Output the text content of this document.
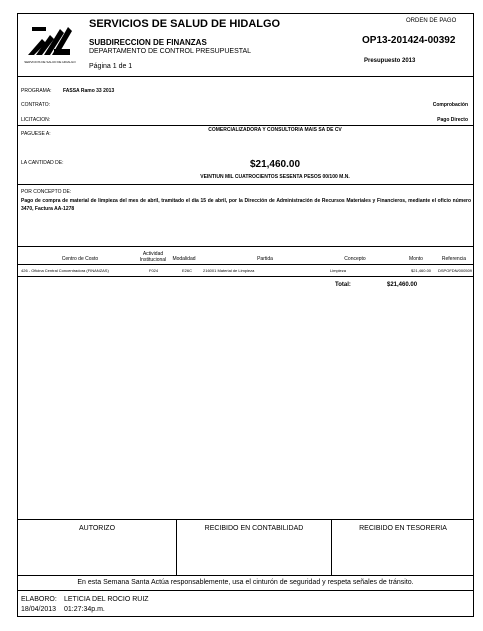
SERVICIOS DE SALUD DE HIDALGO
SERVICIOS DE SALUD DE HIDALGO
SUBDIRECCION DE FINANZAS
DEPARTAMENTO DE CONTROL PRESUPUESTAL
Página 1 de 1
ORDEN DE PAGO
OP13-201424-00392
Presupuesto 2013
PROGRAMA: FASSA Ramo 33 2013
CONTRATO:	Comprobación
LICITACION:	Pago Directo
PAGUESE A:
COMERCIALIZADORA Y CONSULTORIA MAIS SA DE CV
LA CANTIDAD DE:	$21,460.00
VEINTIUN MIL CUATROCIENTOS SESENTA PESOS 00/100 M.N.
POR CONCEPTO DE:
Pago de compra de material de limpieza del mes de abril, tramitado el día 15 de abril, por la Dirección de Administración de Recursos Materiales y Financieros, mediante el oficio número 3470, Factura AA-1278
Centro de Costo
Actividad Institucional	Modalidad	Partida	Concepto	Monto	Referencia
426 - Oficina Central Concentradora (FINANZAS)	F024	E26C	216001 Material de Limpieza	Limpieza	$21,460.00 DSPOFDN/000509
Total:	$21,460.00
AUTORIZO	RECIBIDO EN CONTABILIDAD	RECIBIDO EN TESORERIA
En esta Semana Santa Actúa responsablemente, usa el cinturón de seguridad y respeta señales de tránsito.
ELABORO: LETICIA DEL ROCIO RUIZ
18/04/2013 01:27:34p.m.
